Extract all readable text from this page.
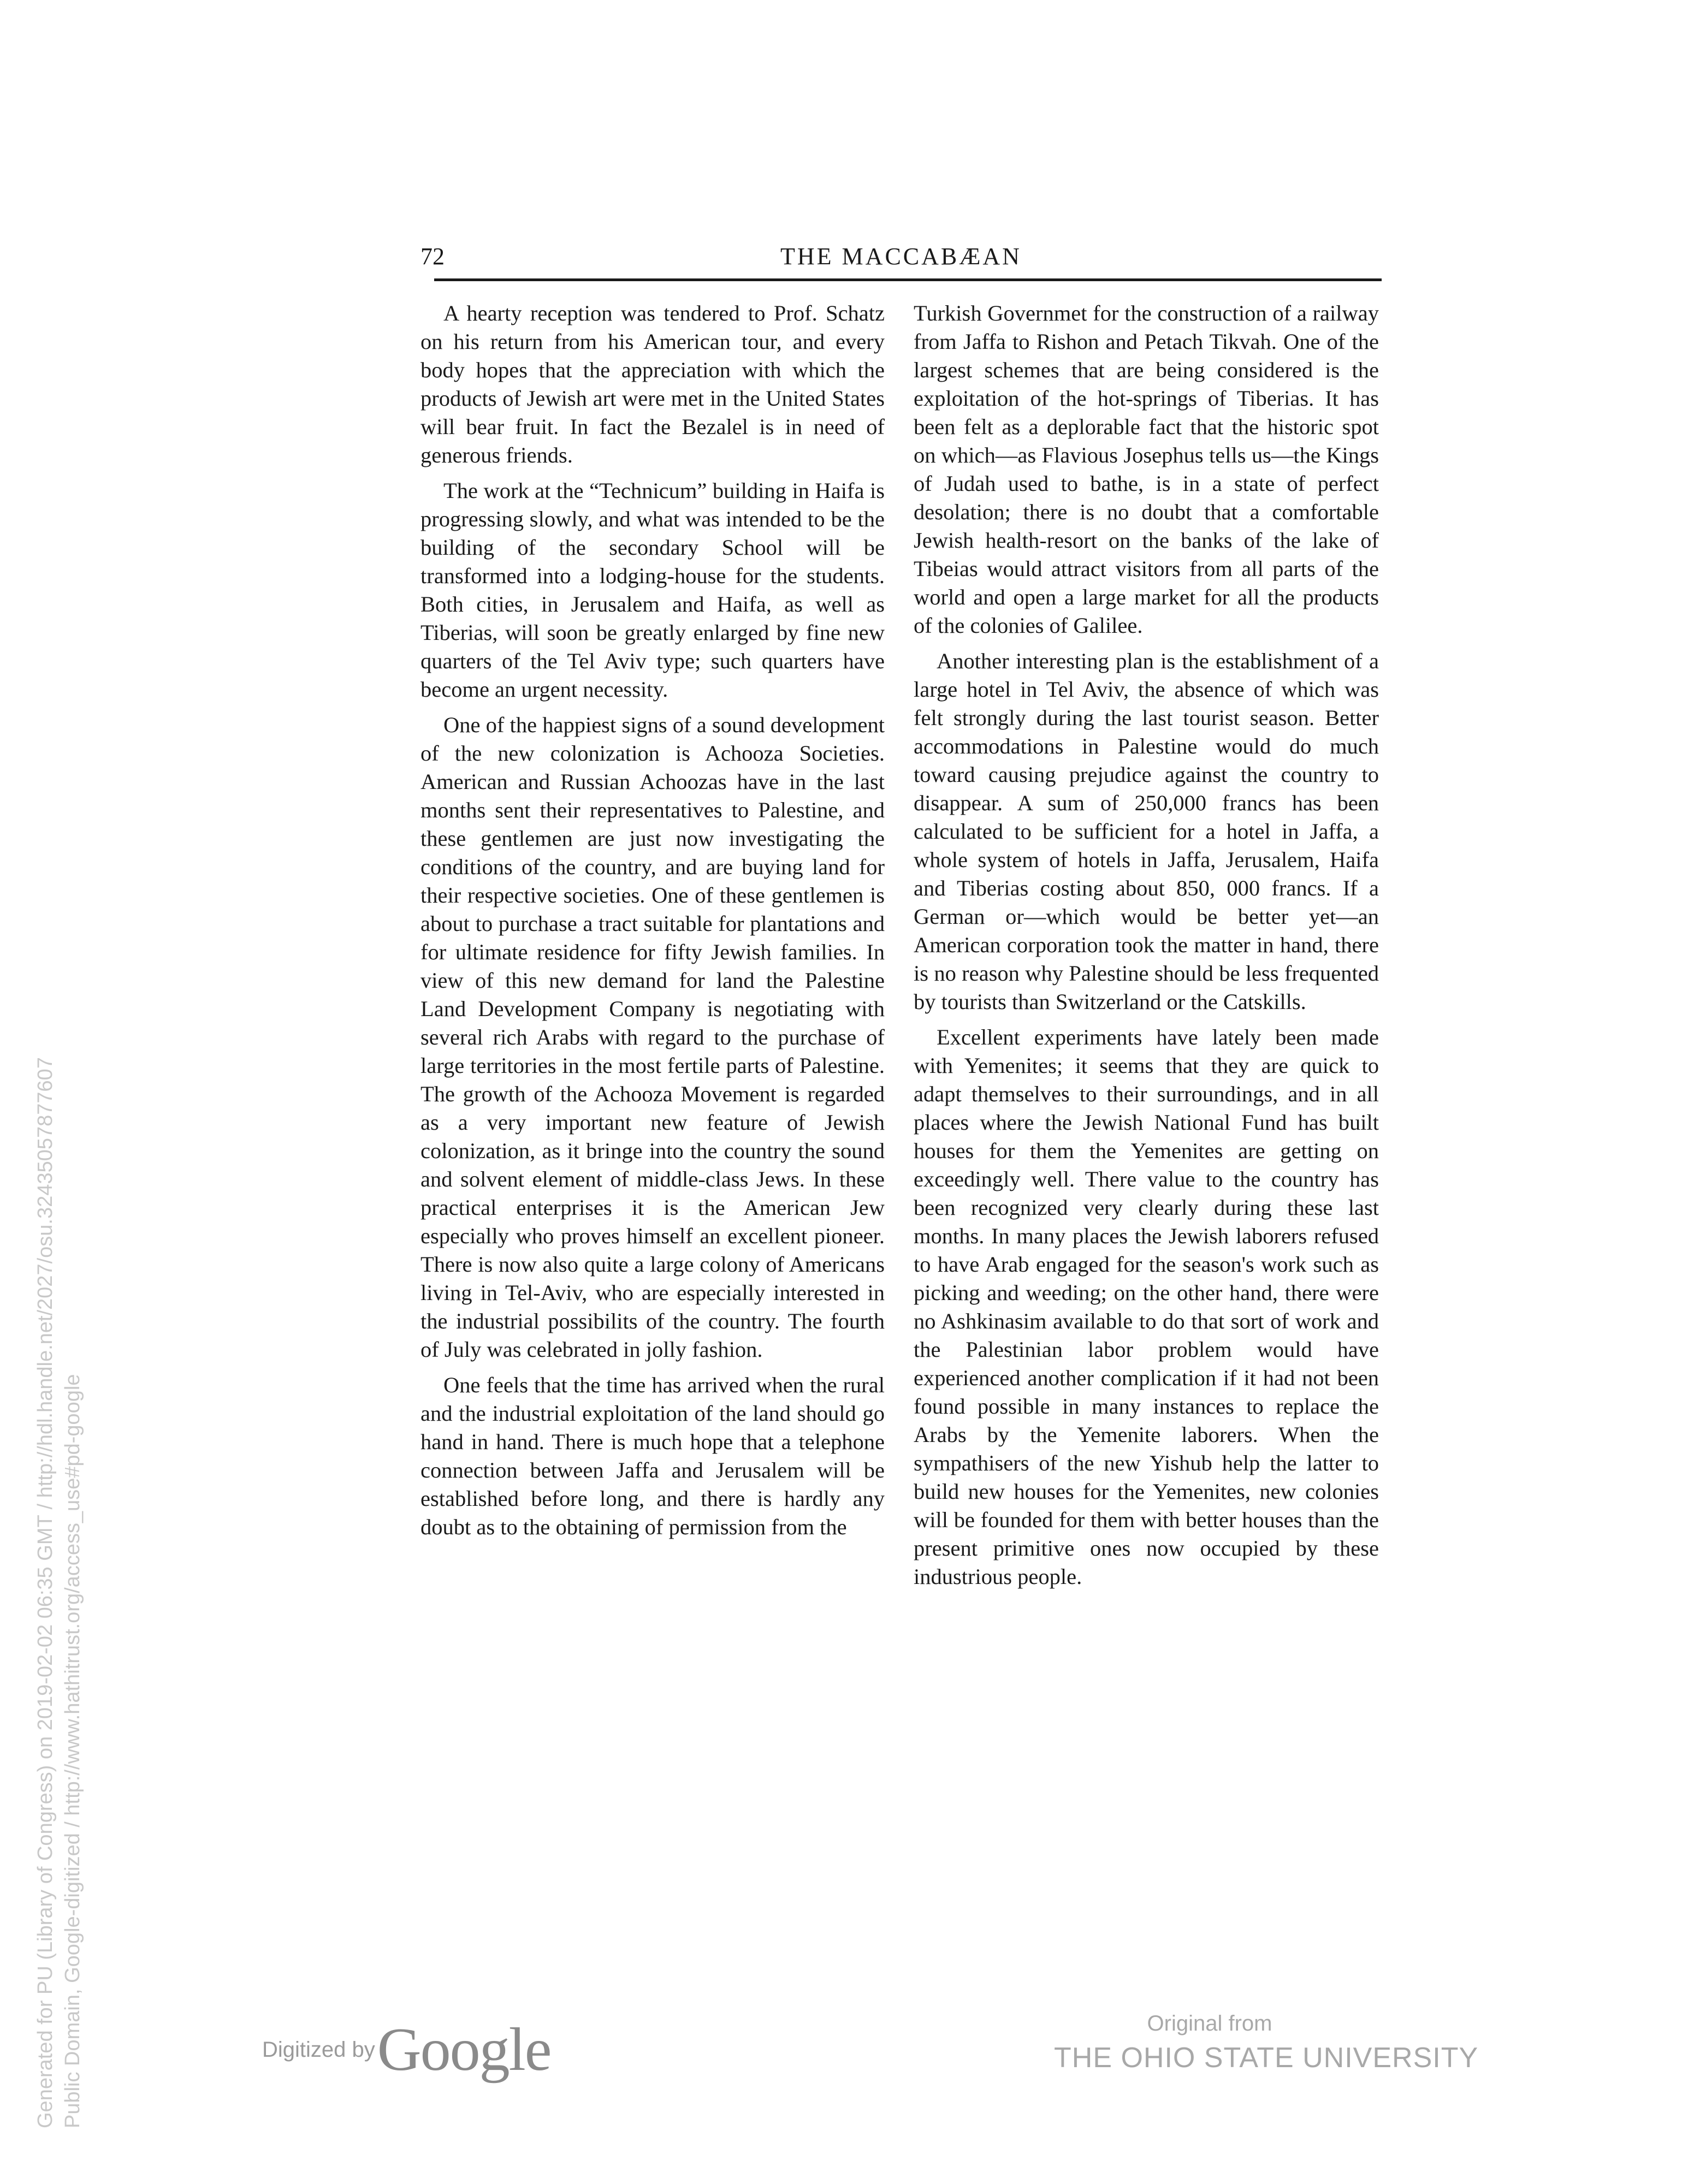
Generated for PU (Library of Congress) on 2019-02-02 06:35 GMT / http://hdl.handle.net/2027/osu.32435057877607 Public Domain, Google-digitized / http://www.hathitrust.org/access_use#pd-google
72	THE MACCABÆAN

A hearty reception was tendered to Prof. Schatz on his return from his American tour, and every body hopes that the appreciation with which the products of Jewish art were met in the United States will bear fruit. In fact the Bezalel is in need of generous friends.

The work at the “Technicum” building in Haifa is progressing slowly, and what was intended to be the building of the secondary School will be transformed into a lodging-house for the students. Both cities, in Jerusalem and Haifa, as well as Tiberias, will soon be greatly enlarged by fine new quarters of the Tel Aviv type; such quarters have become an urgent necessity.

One of the happiest signs of a sound development of the new colonization is Achooza Societies. American and Russian Achoozas have in the last months sent their representatives to Palestine, and these gentlemen are just now investigating the conditions of the country, and are buying land for their respective societies. One of these gentlemen is about to purchase a tract suitable for plantations and for ultimate residence for fifty Jewish families. In view of this new demand for land the Palestine Land Development Company is negotiating with several rich Arabs with regard to the purchase of large territories in the most fertile parts of Palestine. The growth of the Achooza Movement is regarded as a very important new feature of Jewish colonization, as it bringe into the country the sound and solvent element of middle-class Jews. In these practical enterprises it is the American Jew especially who proves himself an excellent pioneer. There is now also quite a large colony of Americans living in Tel-Aviv, who are especially interested in the industrial possibilits of the country. The fourth of July was celebrated in jolly fashion.

One feels that the time has arrived when the rural and the industrial exploitation of the land should go hand in hand. There is much hope that a telephone connection between Jaffa and Jerusalem will be established before long, and there is hardly any doubt as to the obtaining of permission from the

Turkish Governmet for the construction of a railway from Jaffa to Rishon and Petach Tikvah. One of the largest schemes that are being considered is the exploitation of the hot-springs of Tiberias. It has been felt as a deplorable fact that the historic spot on which—as Flavious Josephus tells us—the Kings of Judah used to bathe, is in a state of perfect desolation; there is no doubt that a comfortable Jewish health-resort on the banks of the lake of Tibeias would attract visitors from all parts of the world and open a large market for all the products of the colonies of Galilee.

Another interesting plan is the establishment of a large hotel in Tel Aviv, the absence of which was felt strongly during the last tourist season. Better accommodations in Palestine would do much toward causing prejudice against the country to disappear. A sum of 250,000 francs has been calculated to be sufficient for a hotel in Jaffa, a whole system of hotels in Jaffa, Jerusalem, Haifa and Tiberias costing about 850, 000 francs. If a German or—which would be better yet—an American corporation took the matter in hand, there is no reason why Palestine should be less frequented by tourists than Switzerland or the Catskills.

Excellent experiments have lately been made with Yemenites; it seems that they are quick to adapt themselves to their surroundings, and in all places where the Jewish National Fund has built houses for them the Yemenites are getting on exceedingly well. There value to the country has been recognized very clearly during these last months. In many places the Jewish laborers refused to have Arab engaged for the season's work such as picking and weeding; on the other hand, there were no Ashkinasim available to do that sort of work and the Palestinian labor problem would have experienced another complication if it had not been found possible in many instances to replace the Arabs by the Yemenite laborers. When the sympathisers of the new Yishub help the latter to build new houses for the Yemenites, new colonies will be founded for them with better houses than the present primitive ones now occupied by these industrious people.

Digitized by Google	Original from
THE OHIO STATE UNIVERSITY
